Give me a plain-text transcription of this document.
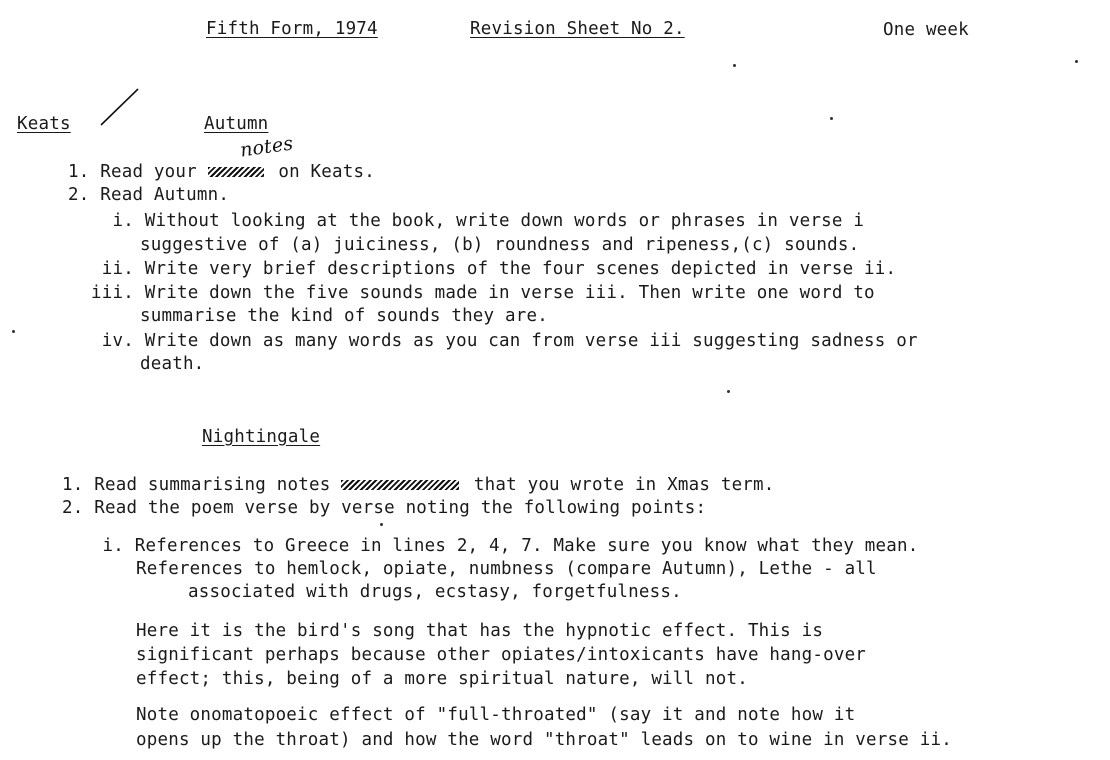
Fifth Form, 1974	Revision Sheet No 2.	One week
Keats	Autumn
1. Read your	on Keats.
notes
2. Read Autumn.
i. Without looking at the book, write down words or phrases in verse i
suggestive of (a) juiciness, (b) roundness and ripeness,(c) sounds.
ii. Write very brief descriptions of the four scenes depicted in verse ii.
iii. Write down the five sounds made in verse iii. Then write one word to
summarise the kind of sounds they are.
iv. Write down as many words as you can from verse iii suggesting sadness or
death.
Nightingale
1. Read summarising notes	that you wrote in Xmas term.
2. Read the poem verse by verse noting the following points:
i. References to Greece in lines 2, 4, 7. Make sure you know what they mean.
References to hemlock, opiate, numbness (compare Autumn), Lethe - all
associated with drugs, ecstasy, forgetfulness.
Here it is the bird's song that has the hypnotic effect. This is
significant perhaps because other opiates/intoxicants have hang-over
effect; this, being of a more spiritual nature, will not.
Note onomatopoeic effect of "full-throated" (say it and note how it
opens up the throat) and how the word "throat" leads on to wine in verse ii.
